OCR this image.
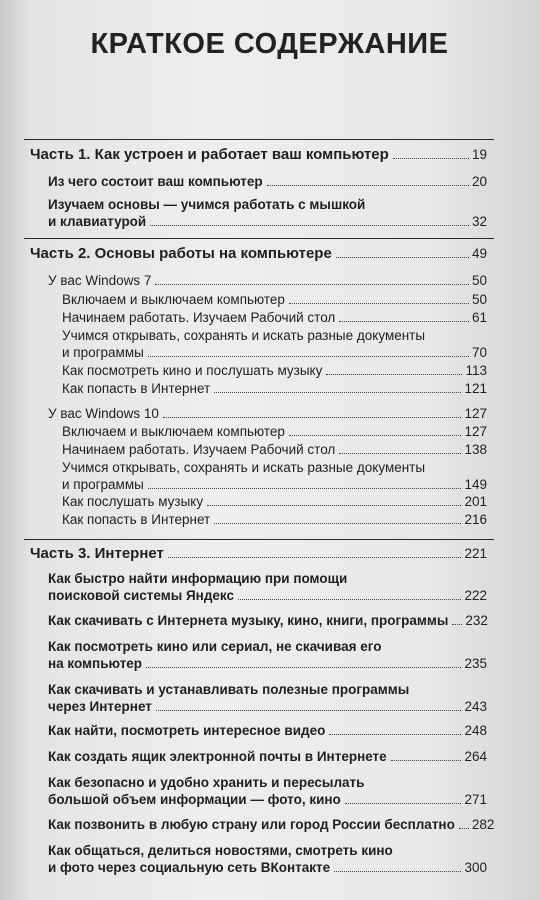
КРАТКОЕ СОДЕРЖАНИЕ
Часть 1. Как устроен и работает ваш компьютер	19
Из чего состоит ваш компьютер	20
Изучаем основы — учимся работать с мышкой
и клавиатурой	32
Часть 2. Основы работы на компьютере	49
У вас Windows 7	50
Включаем и выключаем компьютер	50
Начинаем работать. Изучаем Рабочий стол	61
Учимся открывать, сохранять и искать разные документы
и программы	70
Как посмотреть кино и послушать музыку	113
Как попасть в Интернет	121
У вас Windows 10	127
Включаем и выключаем компьютер	127
Начинаем работать. Изучаем Рабочий стол	138
Учимся открывать, сохранять и искать разные документы
и программы	149
Как послушать музыку	201
Как попасть в Интернет	216
Часть 3. Интернет	221
Как быстро найти информацию при помощи
поисковой системы Яндекс	222
Как скачивать с Интернета музыку, кино, книги, программы 232
Как посмотреть кино или сериал, не скачивая его
на компьютер	235
Как скачивать и устанавливать полезные программы
через Интернет	243
Как найти, посмотреть интересное видео	248
Как создать ящик электронной почты в Интернете	264
Как безопасно и удобно хранить и пересылать
большой объем информации — фото, кино	271
Как позвонить в любую страну или город России бесплатно 282
Как общаться, делиться новостями, смотреть кино
и фото через социальную сеть ВКонтакте	300
